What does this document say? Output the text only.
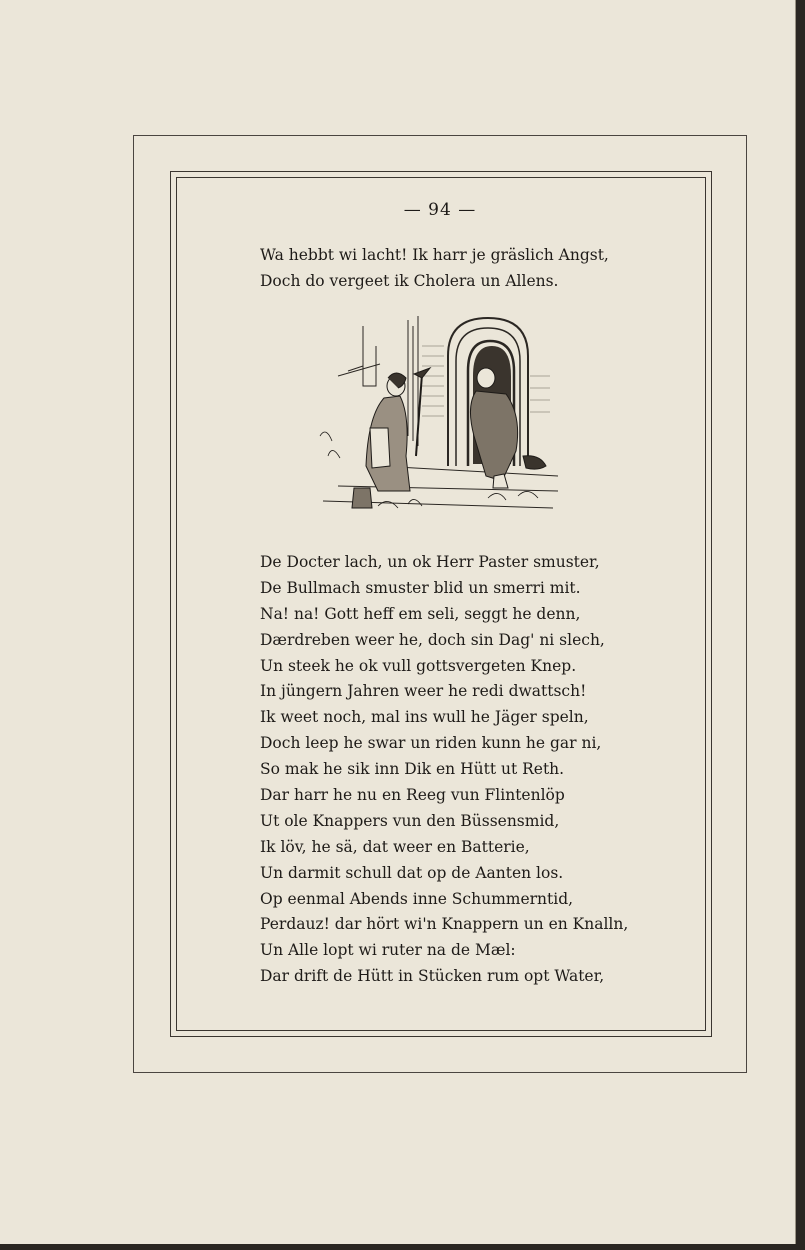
— 94 —
Wa hebbt wi lacht! Ik harr je gräslich Angst,
Doch do vergeet ik Cholera un Allens.
De Docter lach, un ok Herr Paster smuster,
De Bullmach smuster blid un smerri mit.
Na! na! Gott heff em seli, seggt he denn,
Dærdreben weer he, doch sin Dag' ni slech,
Un steek he ok vull gottsvergeten Knep.
In jüngern Jahren weer he redi dwattsch!
Ik weet noch, mal ins wull he Jäger speln,
Doch leep he swar un riden kunn he gar ni,
So mak he sik inn Dik en Hütt ut Reth.
Dar harr he nu en Reeg vun Flintenlöp
Ut ole Knappers vun den Büssensmid,
Ik löv, he sä, dat weer en Batterie,
Un darmit schull dat op de Aanten los.
Op eenmal Abends inne Schummerntid,
Perdauz! dar hört wi'n Knappern un en Knalln,
Un Alle lopt wi ruter na de Mæl:
Dar drift de Hütt in Stücken rum opt Water,
